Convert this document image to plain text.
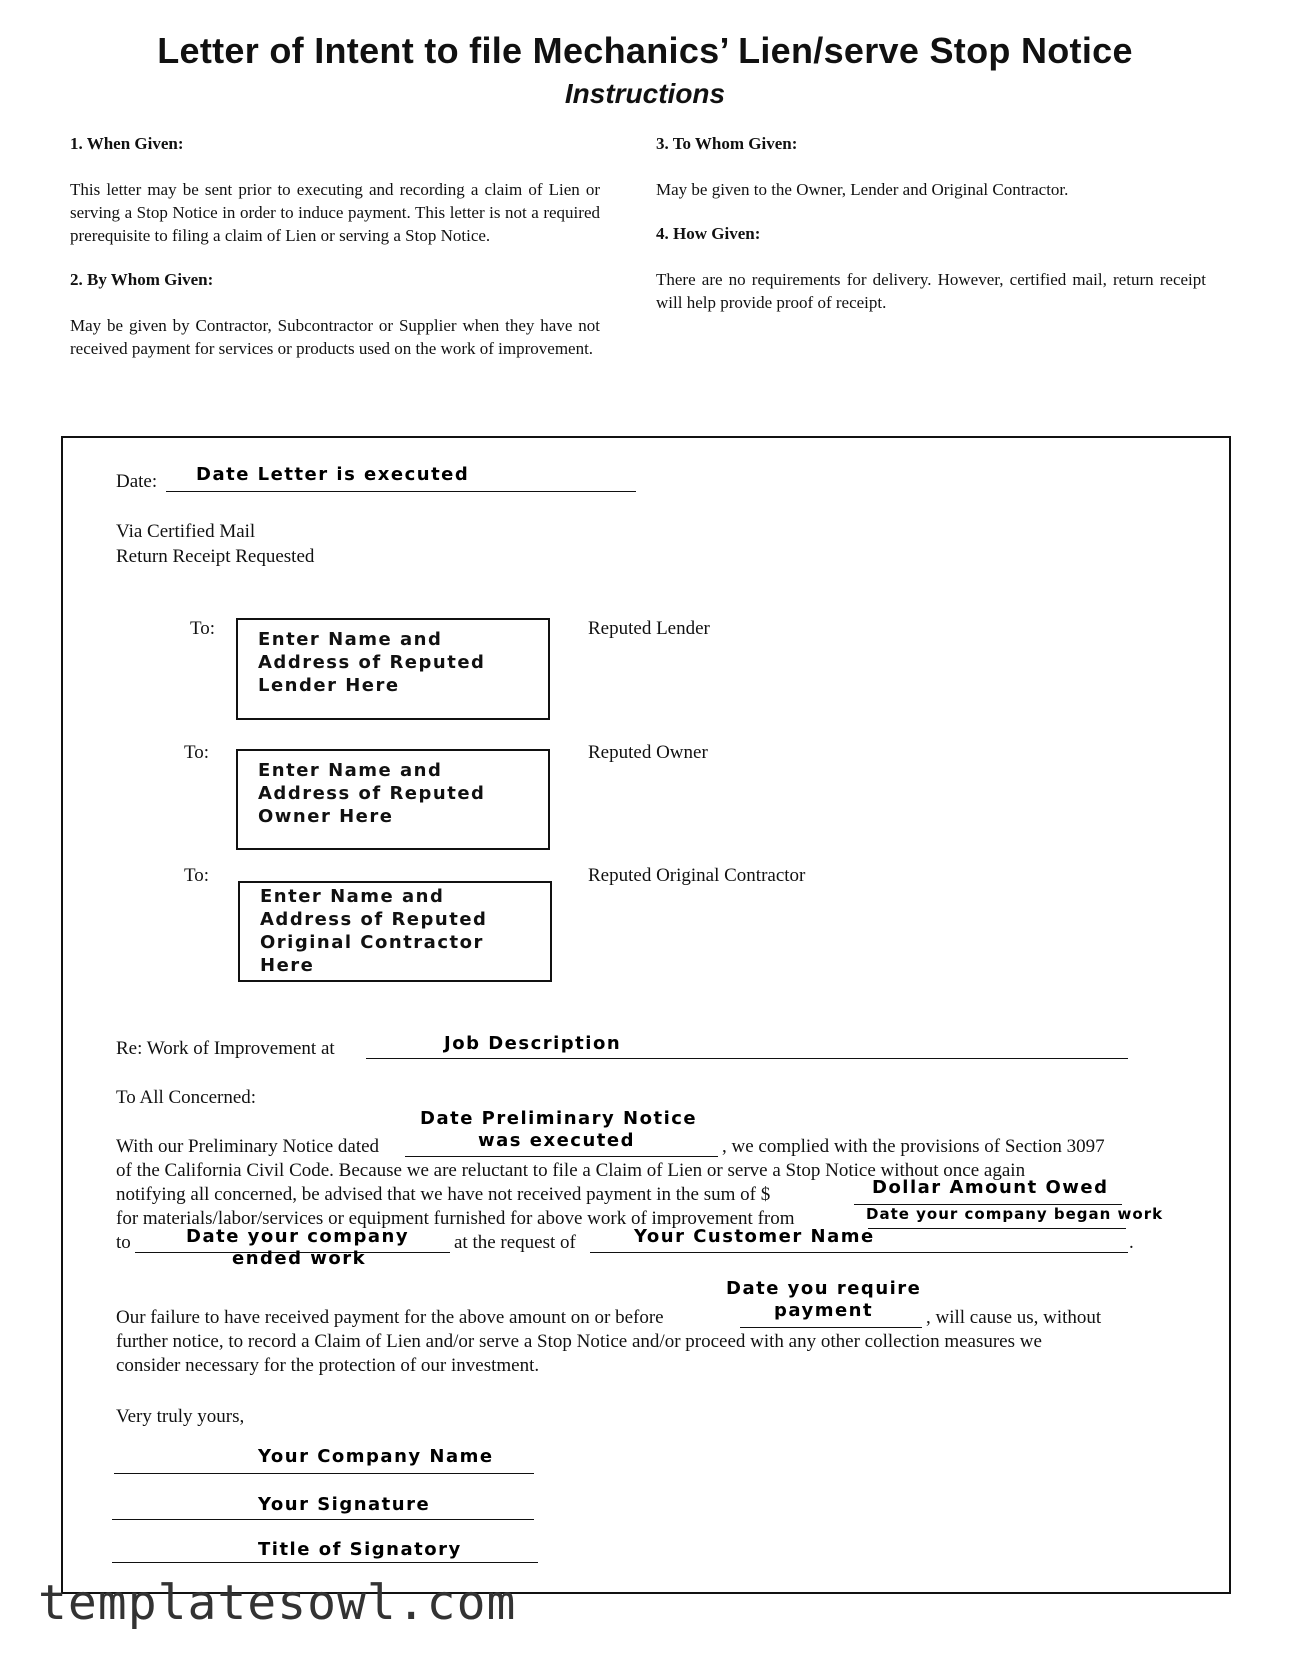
Letter of Intent to file Mechanics’ Lien/serve Stop Notice
Instructions
1. When Given:
This letter may be sent prior to executing and recording a claim of Lien or serving a Stop Notice in order to induce payment. This letter is not a required prerequisite to filing a claim of Lien or serving a Stop Notice.
2. By Whom Given:
May be given by Contractor, Subcontractor or Supplier when they have not received payment for services or products used on the work of improvement.
3. To Whom Given:
May be given to the Owner, Lender and Original Contractor.
4. How Given:
There are no requirements for delivery. However, certified mail, return receipt will help provide proof of receipt.
Date: Date Letter is executed
Via Certified Mail
Return Receipt Requested
To:
Enter Name and
Address of Reputed
Lender Here
Reputed Lender
To:
Enter Name and
Address of Reputed
Owner Here
Reputed Owner
To:
Enter Name and
Address of Reputed
Original Contractor
Here
Reputed Original Contractor
Re: Work of Improvement at	Job Description
To All Concerned:
Date Preliminary Notice
was executed
With our Preliminary Notice dated	, we complied with the provisions of Section 3097
of the California Civil Code. Because we are reluctant to file a Claim of Lien or serve a Stop Notice without once again
notifying all concerned, be advised that we have not received payment in the sum of $	Dollar Amount Owed
for materials/labor/services or equipment furnished for above work of improvement from	Date your company began work
to	Date your company
ended work
at the request of	Your Customer Name	.
Date you require
payment
Our failure to have received payment for the above amount on or before	, will cause us, without
further notice, to record a Claim of Lien and/or serve a Stop Notice and/or proceed with any other collection measures we
consider necessary for the protection of our investment.
Very truly yours,
Your Company Name
Your Signature
Title of Signatory
templatesowl.com
